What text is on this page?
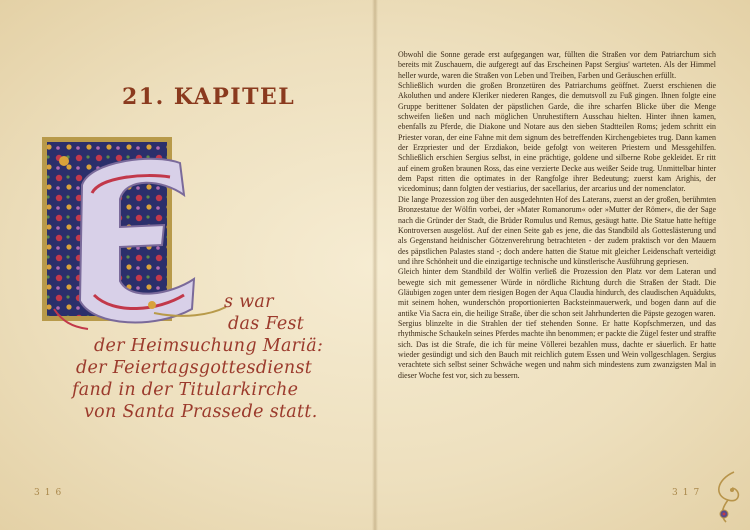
21. KAPITEL
s war
das Fest
der Heimsuchung Mariä:
der Feiertagsgottesdienst
fand in der Titularkirche
von Santa Prassede statt.
316

Obwohl die Sonne gerade erst aufgegangen war, füllten die Straßen vor dem Patriarchum sich bereits mit Zuschauern, die aufgeregt auf das Erscheinen Papst Sergius' warteten. Als der Himmel heller wurde, waren die Straßen von Leben und Treiben, Farben und Geräuschen erfüllt.

Schließlich wurden die großen Bronzetüren des Patriarchums geöffnet. Zuerst erschienen die Akoluthen und andere Kleriker niederen Ranges, die demutsvoll zu Fuß gingen. Ihnen folgte eine Gruppe berittener Soldaten der päpstlichen Garde, die ihre scharfen Blicke über die Menge schweifen ließen und nach möglichen Unruhestiftern Ausschau hielten. Hinter ihnen kamen, ebenfalls zu Pferde, die Diakone und Notare aus den sieben Stadtteilen Roms; jedem schritt ein Priester voran, der eine Fahne mit dem signum des betreffenden Kirchengebietes trug. Dann kamen der Erzpriester und der Erzdiakon, beide gefolgt von weiteren Priestern und Messgehilfen. Schließlich erschien Sergius selbst, in eine prächtige, goldene und silberne Robe gekleidet. Er ritt auf einem großen braunen Ross, das eine verzierte Decke aus weißer Seide trug. Unmittelbar hinter dem Papst ritten die optimates in der Rangfolge ihrer Bedeutung; zuerst kam Arighis, der vicedominus; dann folgten der vestiarius, der sacellarius, der arcarius und der nomenclator.

Die lange Prozession zog über den ausgedehnten Hof des Laterans, zuerst an der großen, berühmten Bronzestatue der Wölfin vorbei, der »Mater Romanorum« oder »Mutter der Römer«, die der Sage nach die Gründer der Stadt, die Brüder Romulus und Remus, gesäugt hatte. Die Statue hatte heftige Kontroversen ausgelöst. Auf der einen Seite gab es jene, die das Standbild als Gotteslästerung und als Gegenstand heidnischer Götzenverehrung betrachteten - der zudem praktisch vor den Mauern des päpstlichen Palastes stand -; doch andere hatten die Statue mit gleicher Leidenschaft verteidigt und ihre Schönheit und die einzigartige technische und künstlerische Ausführung gepriesen.

Gleich hinter dem Standbild der Wölfin verließ die Prozession den Platz vor dem Lateran und bewegte sich mit gemessener Würde in nördliche Richtung durch die Straßen der Stadt. Die Gläubigen zogen unter dem riesigen Bogen der Aqua Claudia hindurch, des claudischen Aquädukts, mit seinem hohen, wunderschön proportionierten Backsteinmauerwerk, und bogen dann auf die antike Via Sacra ein, die heilige Straße, über die schon seit Jahrhunderten die Päpste gezogen waren.

Sergius blinzelte in die Strahlen der tief stehenden Sonne. Er hatte Kopfschmerzen, und das rhythmische Schaukeln seines Pferdes machte ihn benommen; er packte die Zügel fester und straffte sich. Das ist die Strafe, die ich für meine Völlerei bezahlen muss, dachte er säuerlich. Er hatte wieder gesündigt und sich den Bauch mit reichlich gutem Essen und Wein vollgeschlagen. Sergius verachtete sich selbst seiner Schwäche wegen und nahm sich mindestens zum zwanzigsten Mal in dieser Woche fest vor, sich zu bessern.

317
